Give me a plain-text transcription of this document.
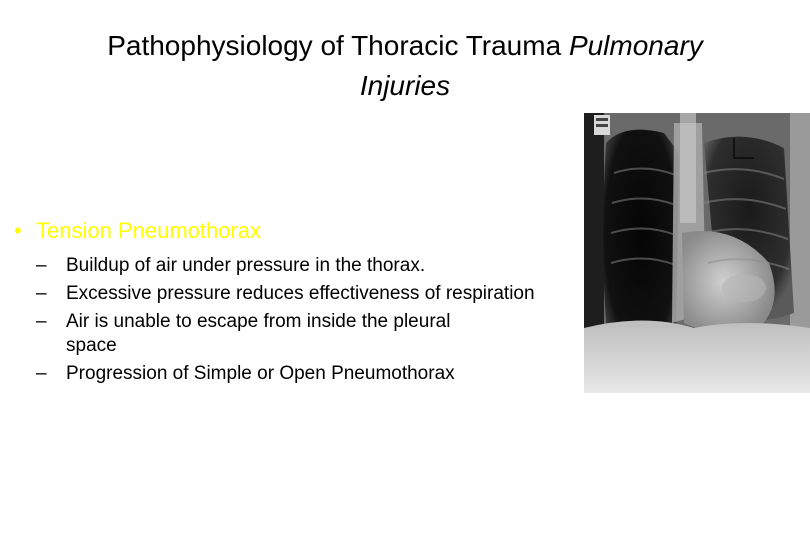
Pathophysiology of Thoracic Trauma Pulmonary
Injuries
• Tension Pneumothorax
–	Buildup of air under pressure in the thorax.
–	Excessive pressure reduces effectiveness of respiration
–	Air is unable to escape from inside the pleural space
–	Progression of Simple or Open Pneumothorax
